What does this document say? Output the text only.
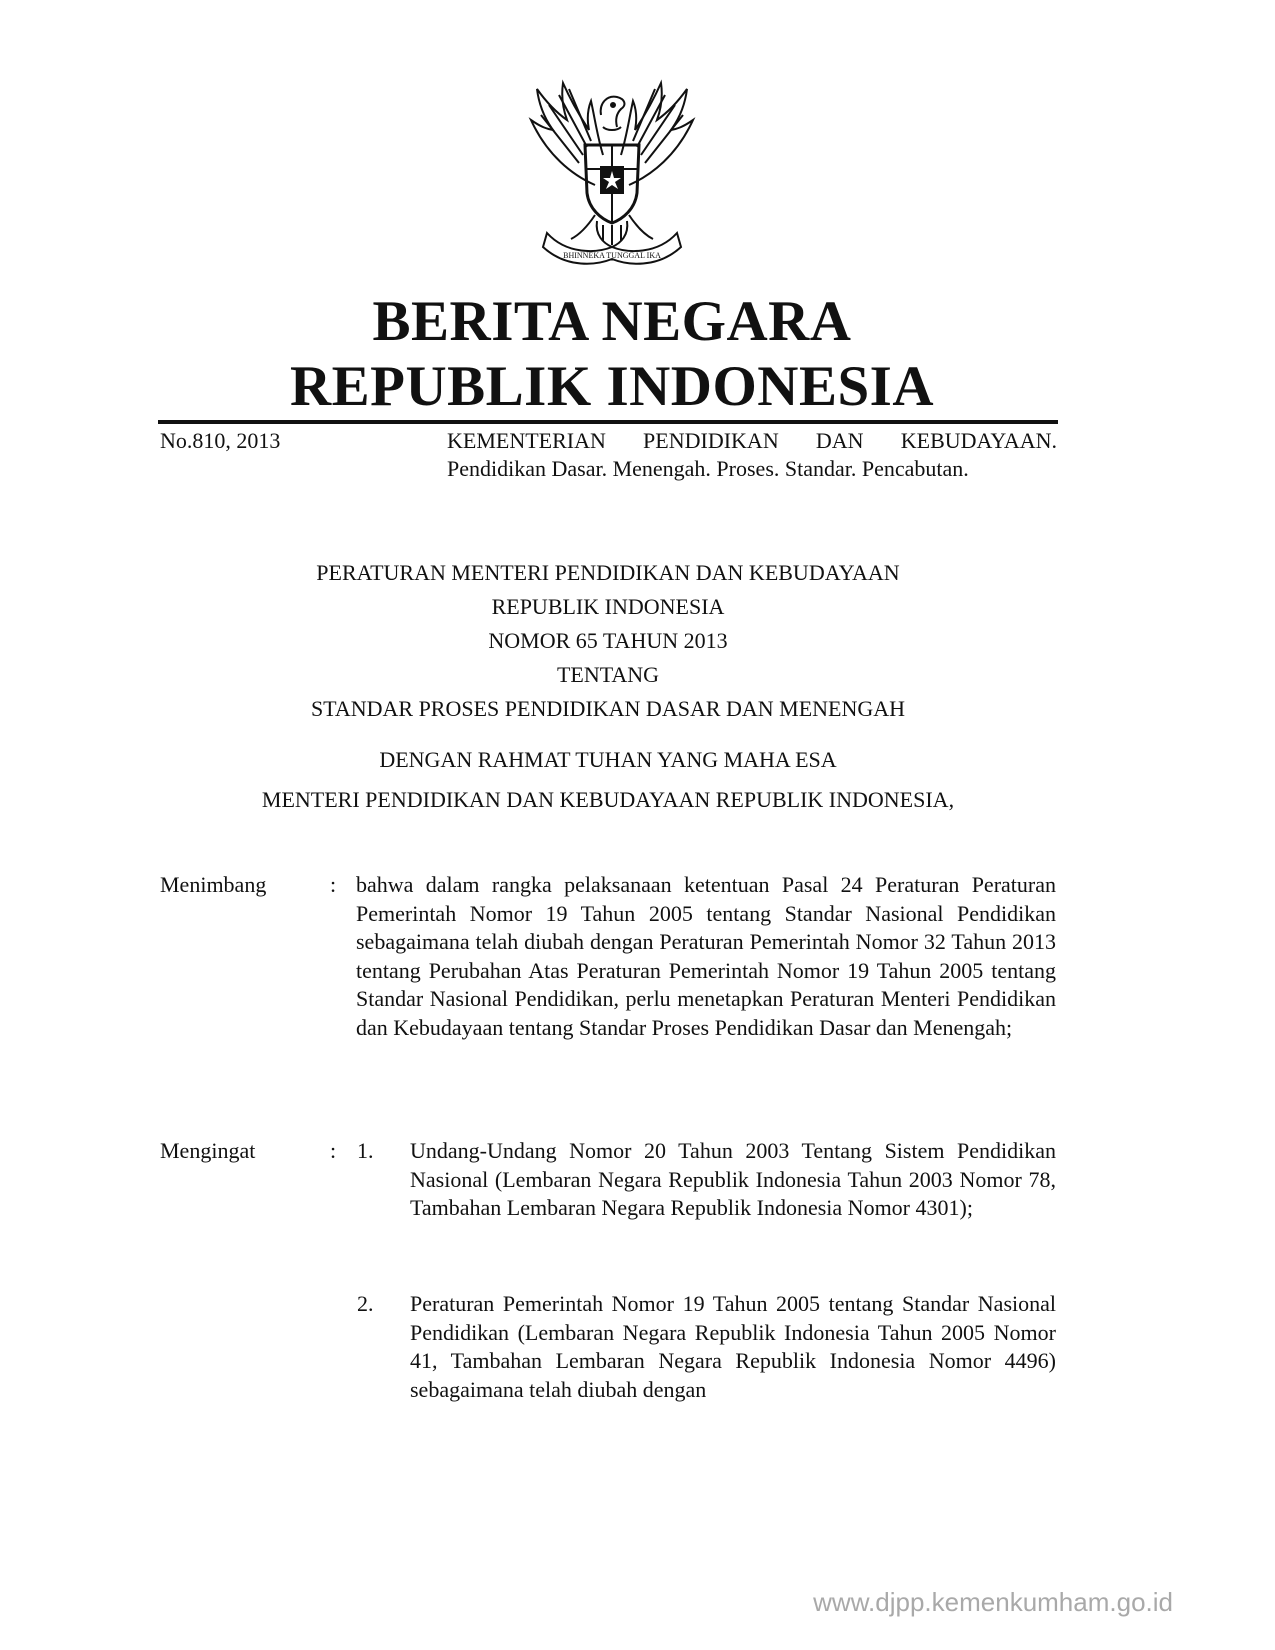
BHINNEKA TUNGGAL IKA
BERITA NEGARA
REPUBLIK INDONESIA
No.810, 2013	KEMENTERIAN PENDIDIKAN DAN KEBUDAYAAN. Pendidikan Dasar. Menengah. Proses. Standar. Pencabutan.
PERATURAN MENTERI PENDIDIKAN DAN KEBUDAYAAN
REPUBLIK INDONESIA
NOMOR 65 TAHUN 2013
TENTANG
STANDAR PROSES PENDIDIKAN DASAR DAN MENENGAH
DENGAN RAHMAT TUHAN YANG MAHA ESA
MENTERI PENDIDIKAN DAN KEBUDAYAAN REPUBLIK INDONESIA,
Menimbang	: bahwa dalam rangka pelaksanaan ketentuan Pasal 24 Peraturan Peraturan Pemerintah Nomor 19 Tahun 2005 tentang Standar Nasional Pendidikan sebagaimana telah diubah dengan Peraturan Pemerintah Nomor 32 Tahun 2013 tentang Perubahan Atas Peraturan Pemerintah Nomor 19 Tahun 2005 tentang Standar Nasional Pendidikan, perlu menetapkan Peraturan Menteri Pendidikan dan Kebudayaan tentang Standar Proses Pendidikan Dasar dan Menengah;
Mengingat	: 1. Undang-Undang Nomor 20 Tahun 2003 Tentang Sistem Pendidikan Nasional (Lembaran Negara Republik Indonesia Tahun 2003 Nomor 78, Tambahan Lembaran Negara Republik Indonesia Nomor 4301);
2. Peraturan Pemerintah Nomor 19 Tahun 2005 tentang Standar Nasional Pendidikan (Lembaran Negara Republik Indonesia Tahun 2005 Nomor 41, Tambahan Lembaran Negara Republik Indonesia Nomor 4496) sebagaimana telah diubah dengan
www.djpp.kemenkumham.go.id
